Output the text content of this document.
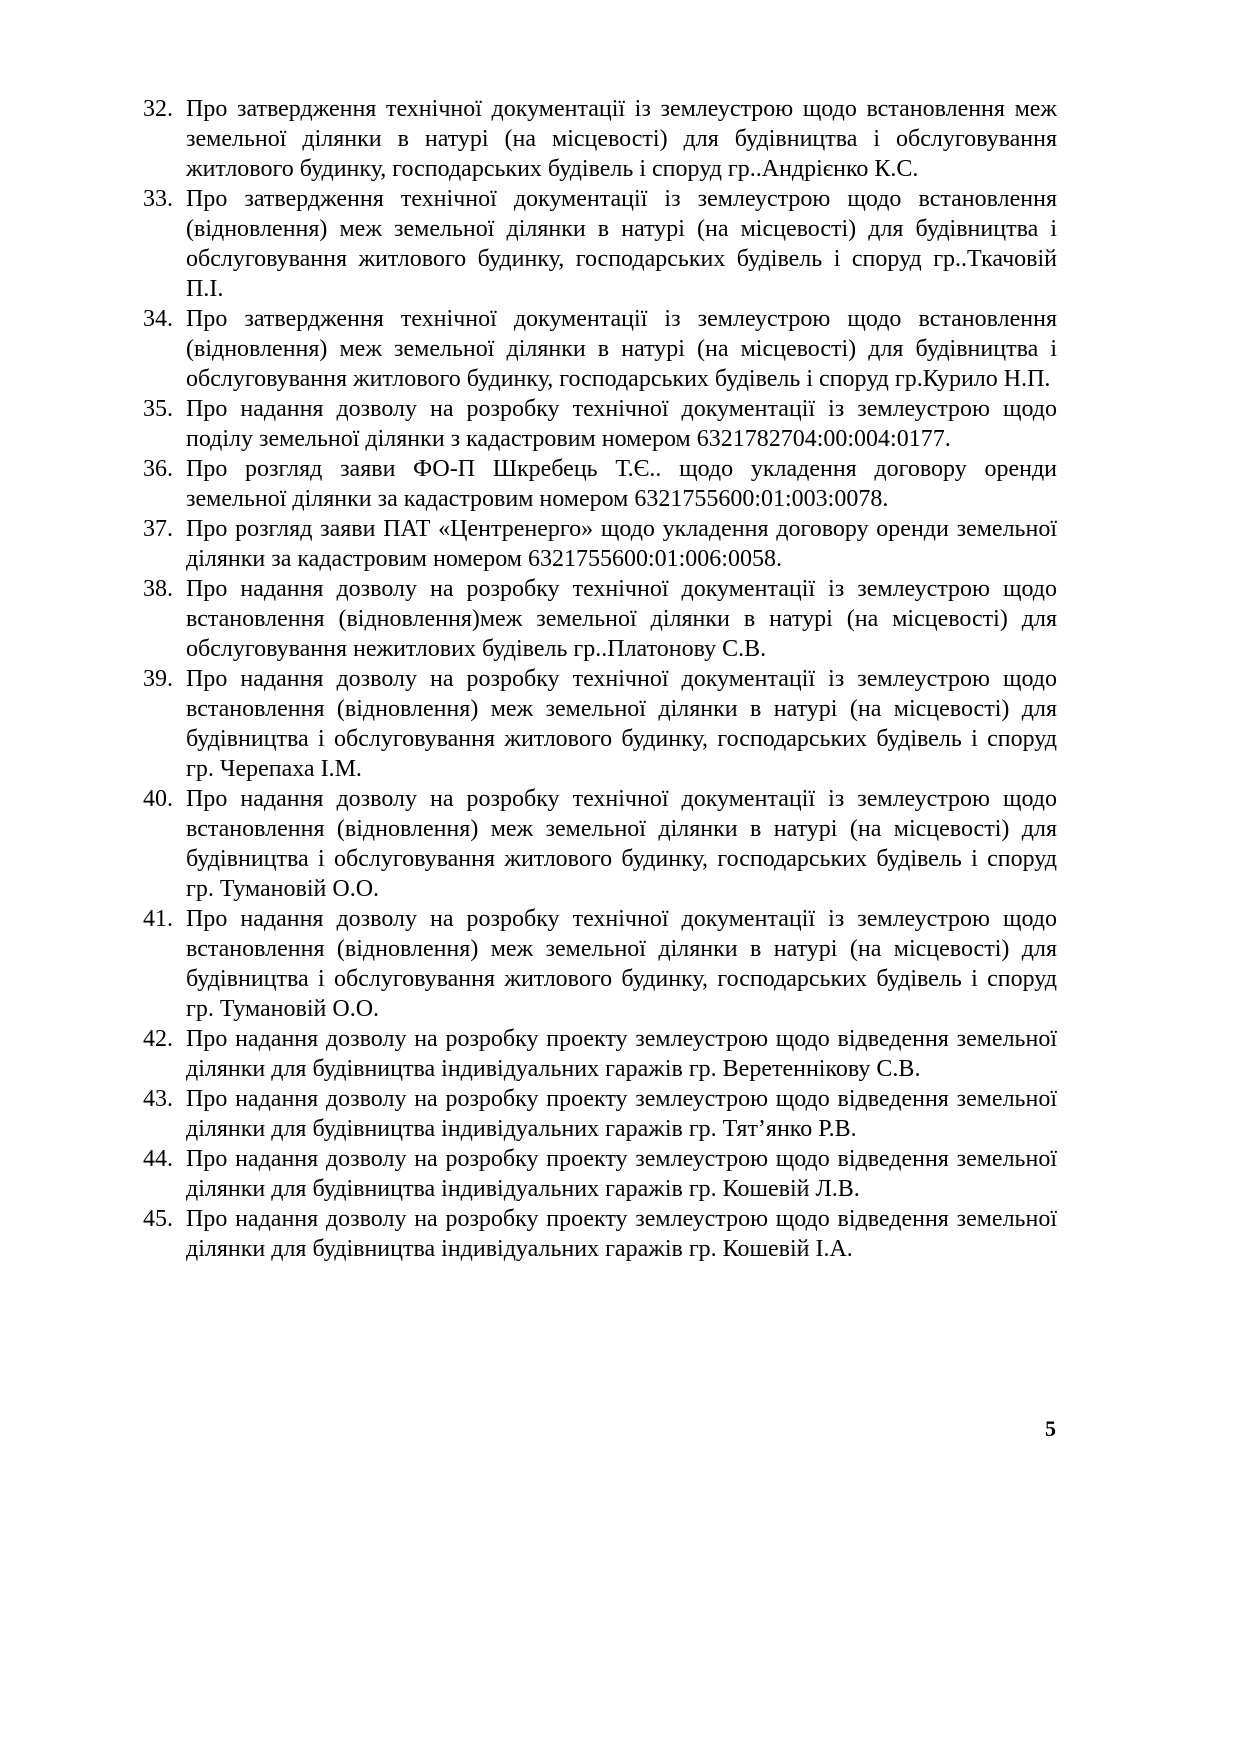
32. Про затвердження технічної документації із землеустрою щодо встановлення меж земельної ділянки в натурі (на місцевості) для будівництва і обслуговування житлового будинку, господарських будівель і споруд гр..Андрієнко К.С.
33. Про затвердження технічної документації із землеустрою щодо встановлення (відновлення) меж земельної ділянки в натурі (на місцевості) для будівництва і обслуговування житлового будинку, господарських будівель і споруд гр..Ткачовій П.І.
34. Про затвердження технічної документації із землеустрою щодо встановлення (відновлення) меж земельної ділянки в натурі (на місцевості) для будівництва і обслуговування житлового будинку, господарських будівель і споруд гр.Курило Н.П.
35. Про надання дозволу на розробку технічної документації із землеустрою щодо поділу земельної ділянки з кадастровим номером 6321782704:00:004:0177.
36. Про розгляд заяви ФО-П Шкребець Т.Є.. щодо укладення договору оренди земельної ділянки за кадастровим номером 6321755600:01:003:0078.
37. Про розгляд заяви ПАТ «Центренерго» щодо укладення договору оренди земельної ділянки за кадастровим номером 6321755600:01:006:0058.
38. Про надання дозволу на розробку технічної документації із землеустрою щодо встановлення (відновлення)меж земельної ділянки в натурі (на місцевості) для обслуговування нежитлових будівель гр..Платонову С.В.
39. Про надання дозволу на розробку технічної документації із землеустрою щодо встановлення (відновлення) меж земельної ділянки в натурі (на місцевості) для будівництва і обслуговування житлового будинку, господарських будівель і споруд гр. Черепаха І.М.
40. Про надання дозволу на розробку технічної документації із землеустрою щодо встановлення (відновлення) меж земельної ділянки в натурі (на місцевості) для будівництва і обслуговування житлового будинку, господарських будівель і споруд гр. Тумановій О.О.
41. Про надання дозволу на розробку технічної документації із землеустрою щодо встановлення (відновлення) меж земельної ділянки в натурі (на місцевості) для будівництва і обслуговування житлового будинку, господарських будівель і споруд гр. Тумановій О.О.
42. Про надання дозволу на розробку проекту землеустрою щодо відведення земельної ділянки для будівництва індивідуальних гаражів гр. Веретеннікову С.В.
43. Про надання дозволу на розробку проекту землеустрою щодо відведення земельної ділянки для будівництва індивідуальних гаражів гр. Тят’янко Р.В.
44. Про надання дозволу на розробку проекту землеустрою щодо відведення земельної ділянки для будівництва індивідуальних гаражів гр. Кошевій Л.В.
45. Про надання дозволу на розробку проекту землеустрою щодо відведення земельної ділянки для будівництва індивідуальних гаражів гр. Кошевій І.А.
5
